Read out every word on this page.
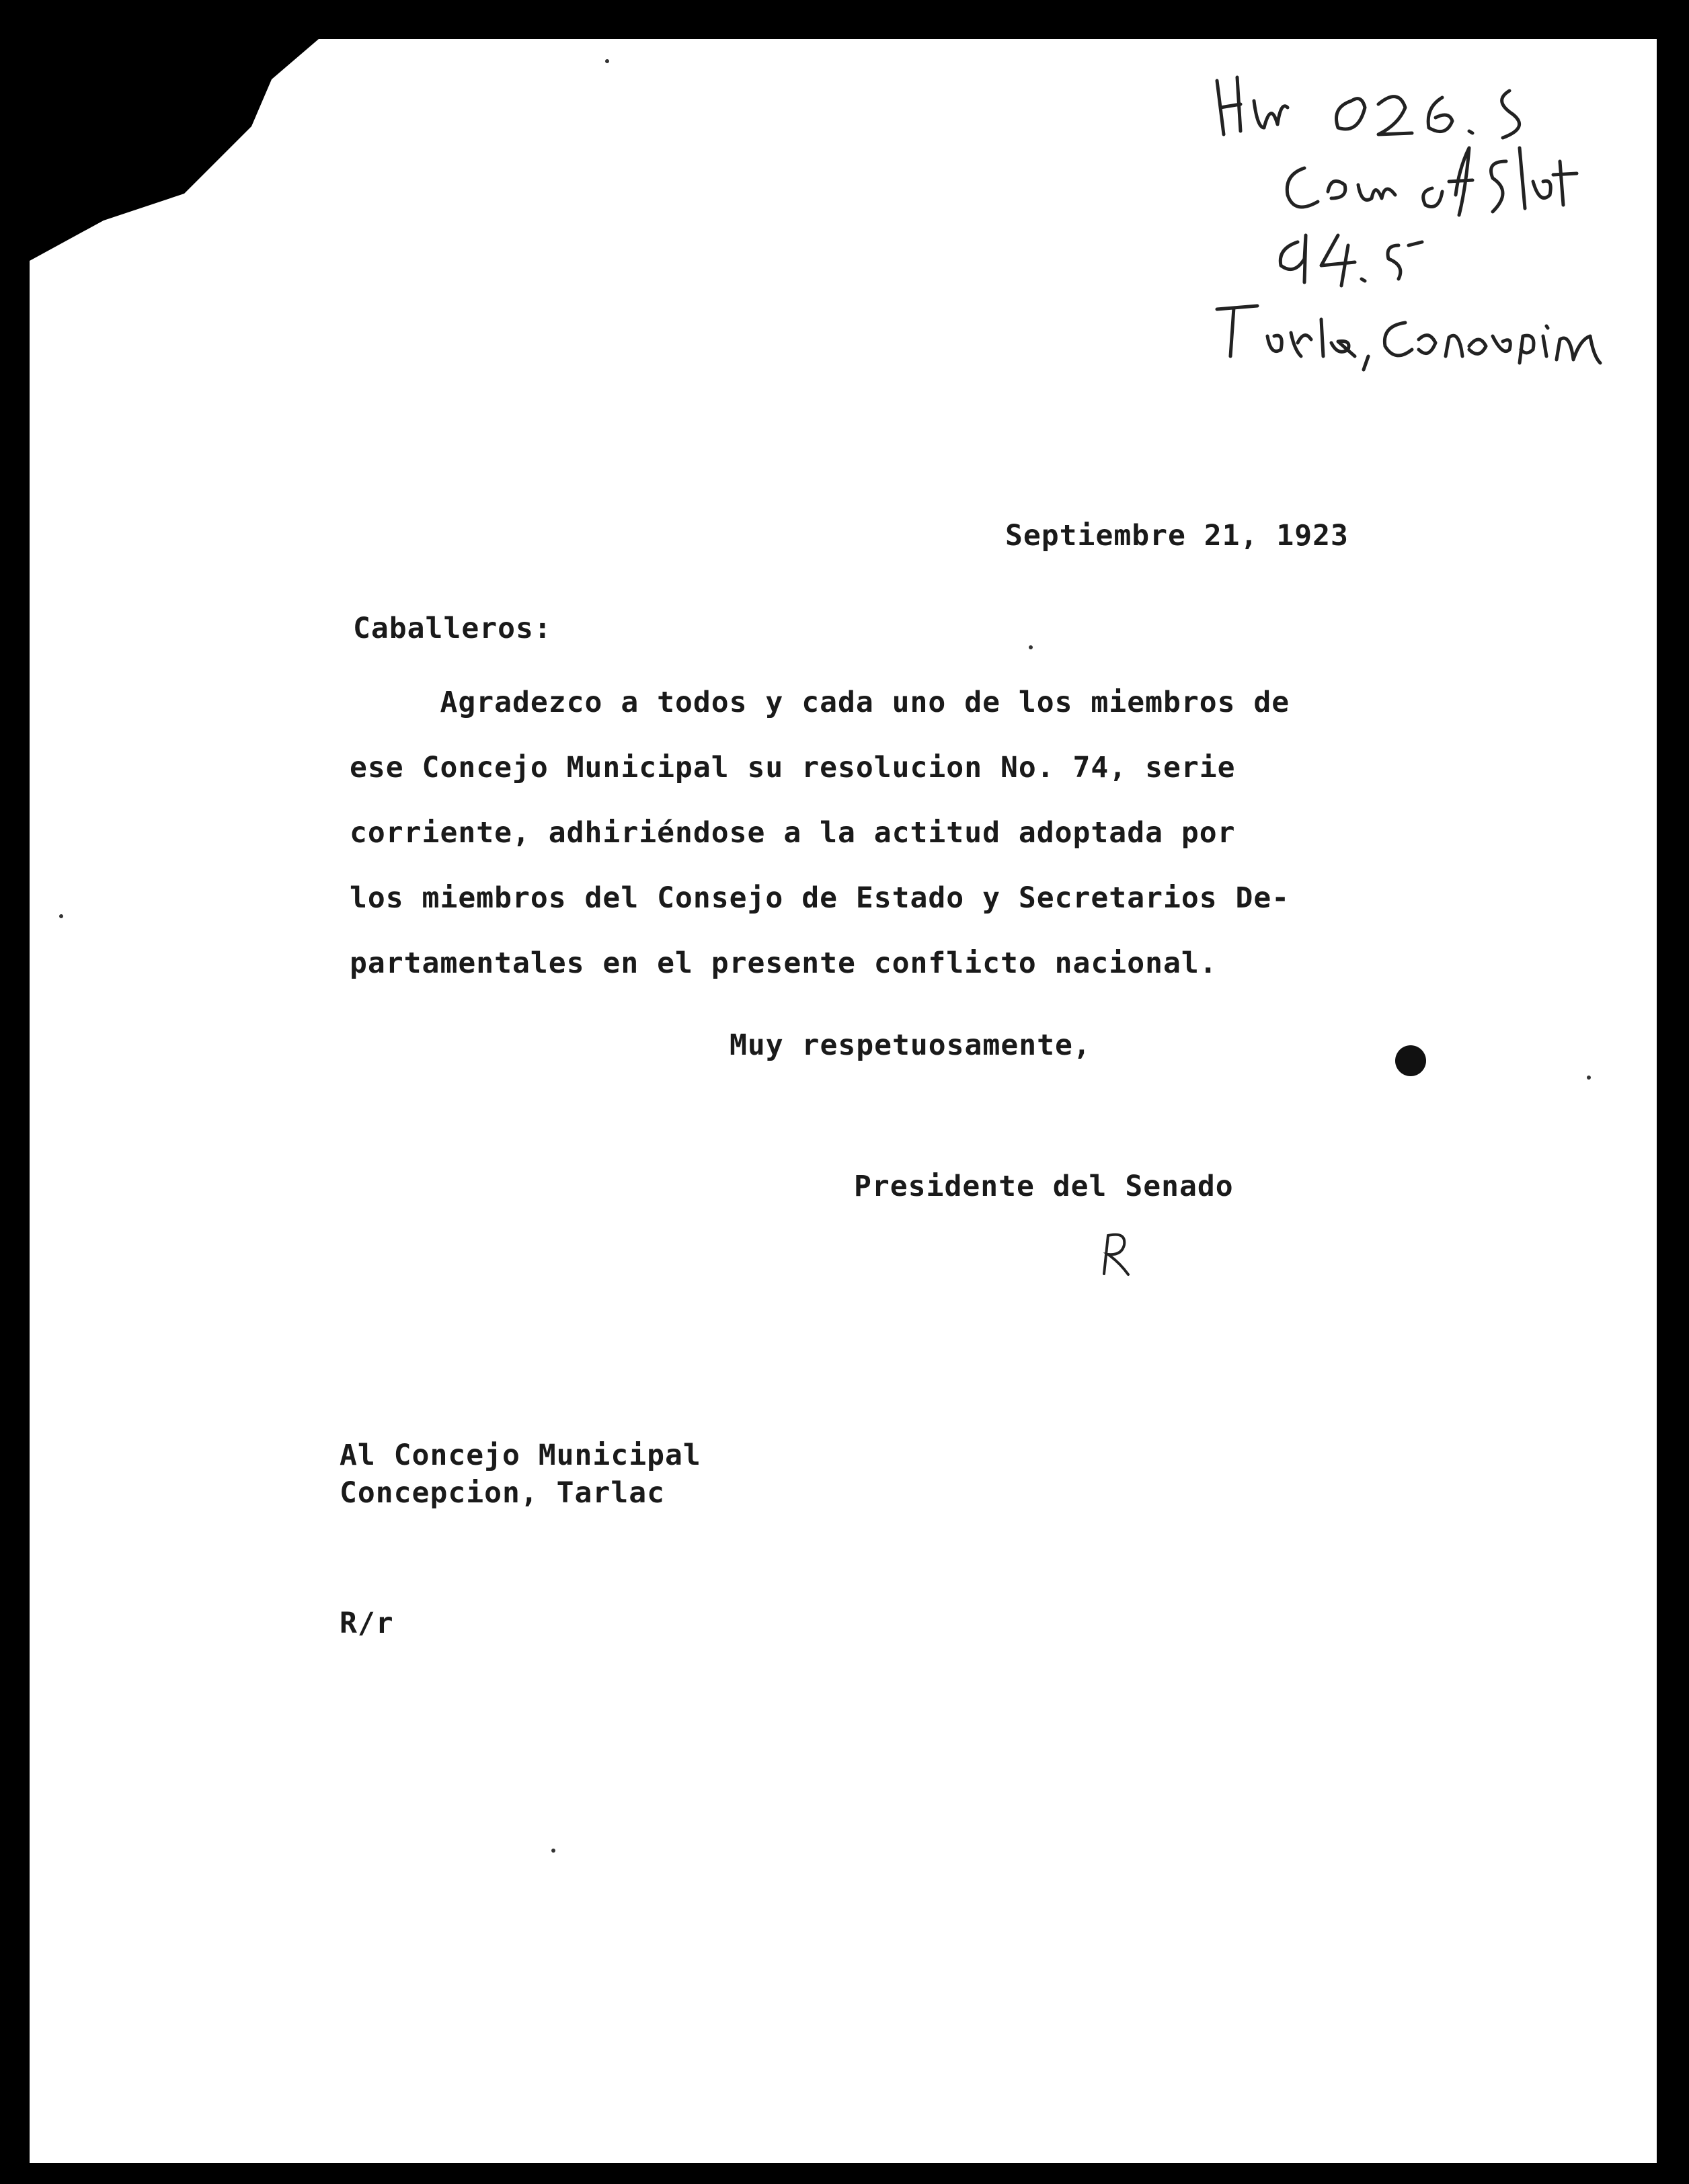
Septiembre 21, 1923
Caballeros:
Agradezco a todos y cada uno de los miembros de
ese Concejo Municipal su resolucion No. 74, serie
corriente, adhiriéndose a la actitud adoptada por
los miembros del Consejo de Estado y Secretarios De-
partamentales en el presente conflicto nacional.
Muy respetuosamente,
Presidente del Senado
Al Concejo Municipal
Concepcion, Tarlac
R/r
